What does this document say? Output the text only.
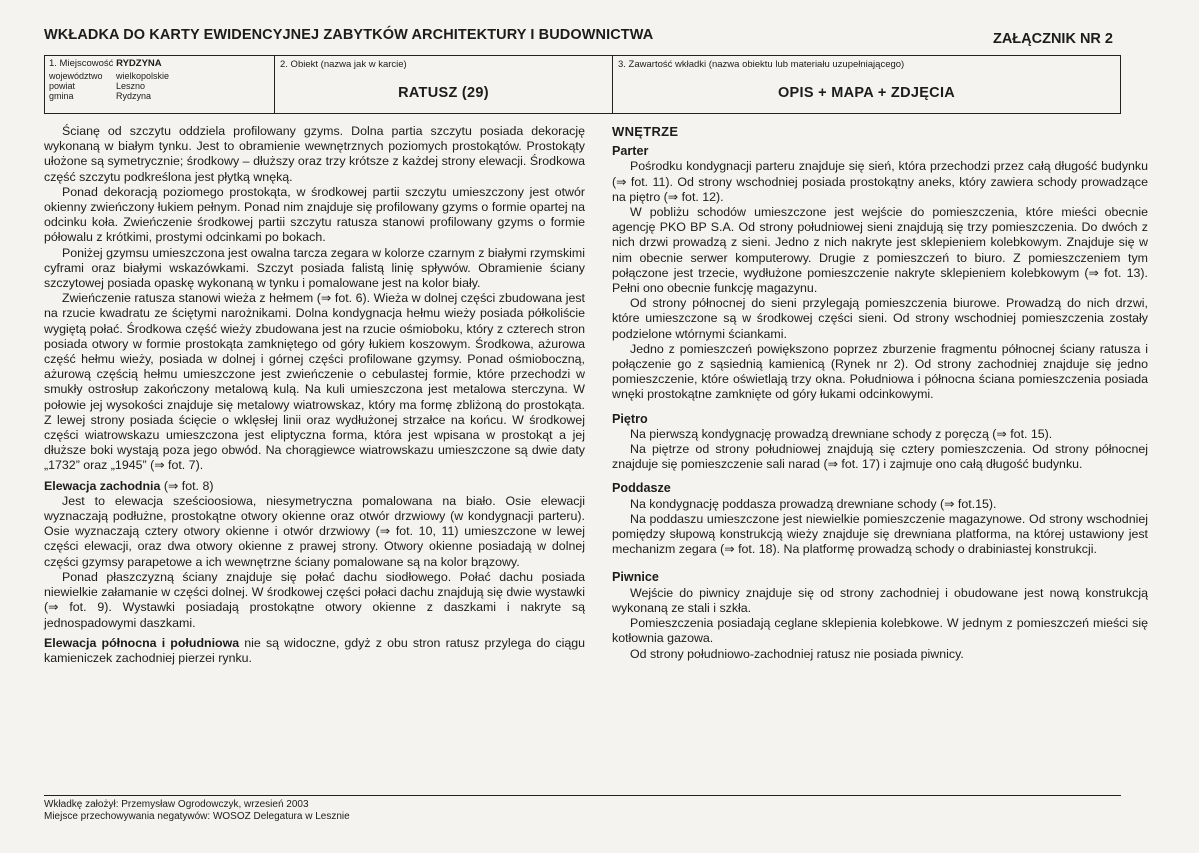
WKŁADKA DO KARTY EWIDENCYJNEJ ZABYTKÓW ARCHITEKTURY I BUDOWNICTWA	ZAŁĄCZNIK NR 2
1. Miejscowość RYDZYNA
województwo	wielkopolskie
powiat	Leszno
gmina	Rydzyna
2. Obiekt (nazwa jak w karcie)
RATUSZ (29)
3. Zawartość wkładki (nazwa obiektu lub materiału uzupełniającego)
OPIS + MAPA + ZDJĘCIA

Ścianę od szczytu oddziela profilowany gzyms. Dolna partia szczytu posiada dekorację wykonaną w białym tynku. Jest to obramienie wewnętrznych poziomych prostokątów. Prostokąty ułożone są symetrycznie; środkowy – dłuższy oraz trzy krótsze z każdej strony elewacji. Środkowa część szczytu podkreślona jest płytką wnęką.

Ponad dekoracją poziomego prostokąta, w środkowej partii szczytu umieszczony jest otwór okienny zwieńczony łukiem pełnym. Ponad nim znajduje się profilowany gzyms o formie opartej na odcinku koła. Zwieńczenie środkowej partii szczytu ratusza stanowi profilowany gzyms o formie półowalu z krótkimi, prostymi odcinkami po bokach.

Poniżej gzymsu umieszczona jest owalna tarcza zegara w kolorze czarnym z białymi rzymskimi cyframi oraz białymi wskazówkami. Szczyt posiada falistą linię spływów. Obramienie ściany szczytowej posiada opaskę wykonaną w tynku i pomalowane jest na kolor biały.

Zwieńczenie ratusza stanowi wieża z hełmem (⇒ fot. 6). Wieża w dolnej części zbudowana jest na rzucie kwadratu ze ściętymi narożnikami. Dolna kondygnacja hełmu wieży posiada półkoliście wygiętą połać. Środkowa część wieży zbudowana jest na rzucie ośmioboku, który z czterech stron posiada otwory w formie prostokąta zamkniętego od góry łukiem koszowym. Środkowa, ażurowa część hełmu wieży, posiada w dolnej i górnej części profilowane gzymsy. Ponad ośmioboczną, ażurową częścią hełmu umieszczone jest zwieńczenie o cebulastej formie, które przechodzi w smukły ostrosłup zakończony metalową kulą. Na kuli umieszczona jest metalowa sterczyna. W połowie jej wysokości znajduje się metalowy wiatrowskaz, który ma formę zbliżoną do prostokąta. Z lewej strony posiada ścięcie o wklęsłej linii oraz wydłużonej strzałce na końcu. W środkowej części wiatrowskazu umieszczona jest eliptyczna forma, która jest wpisana w prostokąt a jej dłuższe boki wystają poza jego obwód. Na chorągiewce wiatrowskazu umieszczone są dwie daty „1732” oraz „1945” (⇒ fot. 7).

Elewacja zachodnia (⇒ fot. 8)

Jest to elewacja sześcioosiowa, niesymetryczna pomalowana na biało. Osie elewacji wyznaczają podłużne, prostokątne otwory okienne oraz otwór drzwiowy (w kondygnacji parteru). Osie wyznaczają cztery otwory okienne i otwór drzwiowy (⇒ fot. 10, 11) umieszczone w lewej części elewacji, oraz dwa otwory okienne z prawej strony. Otwory okienne posiadają w dolnej części gzymsy parapetowe a ich wewnętrzne ściany pomalowane są na kolor brązowy.

Ponad płaszczyzną ściany znajduje się połać dachu siodłowego. Połać dachu posiada niewielkie załamanie w części dolnej. W środkowej części połaci dachu znajdują się dwie wystawki (⇒ fot. 9). Wystawki posiadają prostokątne otwory okienne z daszkami i nakryte są jednospadowymi daszkami.

Elewacja północna i południowa nie są widoczne, gdyż z obu stron ratusz przylega do ciągu kamieniczek zachodniej pierzei rynku.

WNĘTRZE
Parter

Pośrodku kondygnacji parteru znajduje się sień, która przechodzi przez całą długość budynku (⇒ fot. 11). Od strony wschodniej posiada prostokątny aneks, który zawiera schody prowadzące na piętro (⇒ fot. 12).

W pobliżu schodów umieszczone jest wejście do pomieszczenia, które mieści obecnie agencję PKO BP S.A. Od strony południowej sieni znajdują się trzy pomieszczenia. Do dwóch z nich drzwi prowadzą z sieni. Jedno z nich nakryte jest sklepieniem kolebkowym. Znajduje się w nim obecnie serwer komputerowy. Drugie z pomieszczeń to biuro. Z pomieszczeniem tym połączone jest trzecie, wydłużone pomieszczenie nakryte sklepieniem kolebkowym (⇒ fot. 13). Pełni ono obecnie funkcję magazynu.

Od strony północnej do sieni przylegają pomieszczenia biurowe. Prowadzą do nich drzwi, które umieszczone są w środkowej części sieni. Od strony wschodniej pomieszczenia zostały podzielone wtórnymi ściankami.

Jedno z pomieszczeń powiększono poprzez zburzenie fragmentu północnej ściany ratusza i połączenie go z sąsiednią kamienicą (Rynek nr 2). Od strony zachodniej znajduje się jedno pomieszczenie, które oświetlają trzy okna. Południowa i północna ściana pomieszczenia posiada wnęki prostokątne zamknięte od góry łukami odcinkowymi.

Piętro

Na pierwszą kondygnację prowadzą drewniane schody z poręczą (⇒ fot. 15).

Na piętrze od strony południowej znajdują się cztery pomieszczenia. Od strony północnej znajduje się pomieszczenie sali narad (⇒ fot. 17) i zajmuje ono całą długość budynku.

Poddasze

Na kondygnację poddasza prowadzą drewniane schody (⇒ fot.15).

Na poddaszu umieszczone jest niewielkie pomieszczenie magazynowe. Od strony wschodniej pomiędzy słupową konstrukcją wieży znajduje się drewniana platforma, na której ustawiony jest mechanizm zegara (⇒ fot. 18). Na platformę prowadzą schody o drabiniastej konstrukcji.

Piwnice

Wejście do piwnicy znajduje się od strony zachodniej i obudowane jest nową konstrukcją wykonaną ze stali i szkła.

Pomieszczenia posiadają ceglane sklepienia kolebkowe. W jednym z pomieszczeń mieści się kotłownia gazowa.

Od strony południowo-zachodniej ratusz nie posiada piwnicy.

Wkładkę założył: Przemysław Ogrodowczyk, wrzesień 2003
Miejsce przechowywania negatywów: WOSOZ Delegatura w Lesznie
